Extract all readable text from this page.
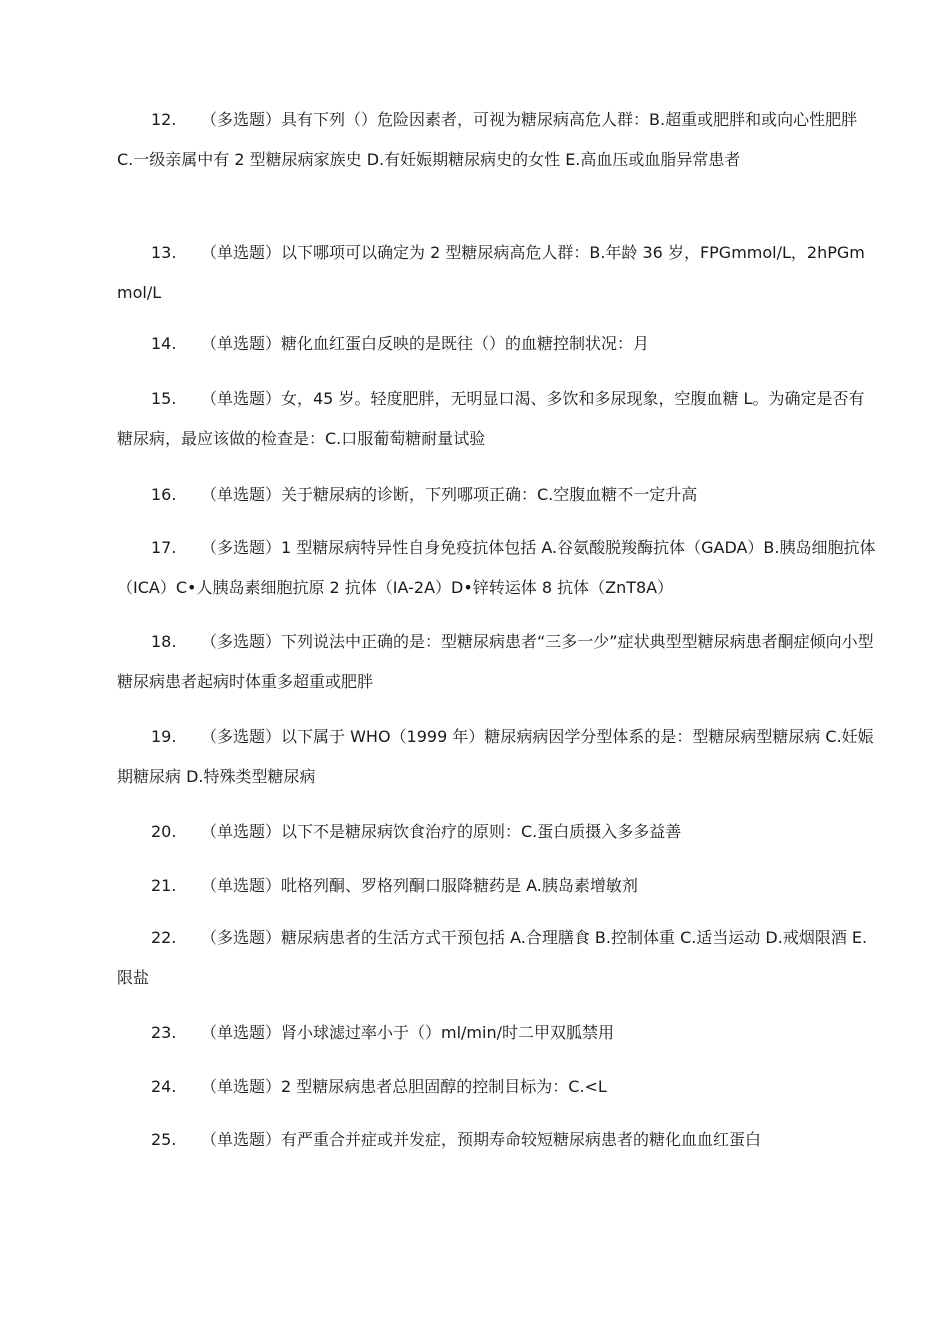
12. （多选题）具有下列（）危险因素者，可视为糖尿病高危人群：B.超重或肥胖和或向心性肥胖 C.一级亲属中有 2 型糖尿病家族史 D.有妊娠期糖尿病史的女性 E.高血压或血脂异常患者

13. （单选题）以下哪项可以确定为 2 型糖尿病高危人群：B.年龄 36 岁，FPGmmol/L，2hPGmmol/L

14. （单选题）糖化血红蛋白反映的是既往（）的血糖控制状况：月

15. （单选题）女，45 岁。轻度肥胖，无明显口渴、多饮和多尿现象，空腹血糖 L。为确定是否有糖尿病，最应该做的检查是：C.口服葡萄糖耐量试验

16. （单选题）关于糖尿病的诊断，下列哪项正确：C.空腹血糖不一定升高

17. （多选题）1 型糖尿病特异性自身免疫抗体包括 A.谷氨酸脱羧酶抗体（GADA）B.胰岛细胞抗体（ICA）C•人胰岛素细胞抗原 2 抗体（IA-2A）D•锌转运体 8 抗体（ZnT8A）

18. （多选题）下列说法中正确的是：型糖尿病患者“三多一少”症状典型型糖尿病患者酮症倾向小型糖尿病患者起病时体重多超重或肥胖

19. （多选题）以下属于 WHO（1999 年）糖尿病病因学分型体系的是：型糖尿病型糖尿病 C.妊娠期糖尿病 D.特殊类型糖尿病

20. （单选题）以下不是糖尿病饮食治疗的原则：C.蛋白质摄入多多益善

21. （单选题）吡格列酮、罗格列酮口服降糖药是 A.胰岛素增敏剂

22. （多选题）糖尿病患者的生活方式干预包括 A.合理膳食 B.控制体重 C.适当运动 D.戒烟限酒 E.限盐

23. （单选题）肾小球滤过率小于（）ml/min/时二甲双胍禁用

24. （单选题）2 型糖尿病患者总胆固醇的控制目标为：C.<L

25. （单选题）有严重合并症或并发症，预期寿命较短糖尿病患者的糖化血血红蛋白
